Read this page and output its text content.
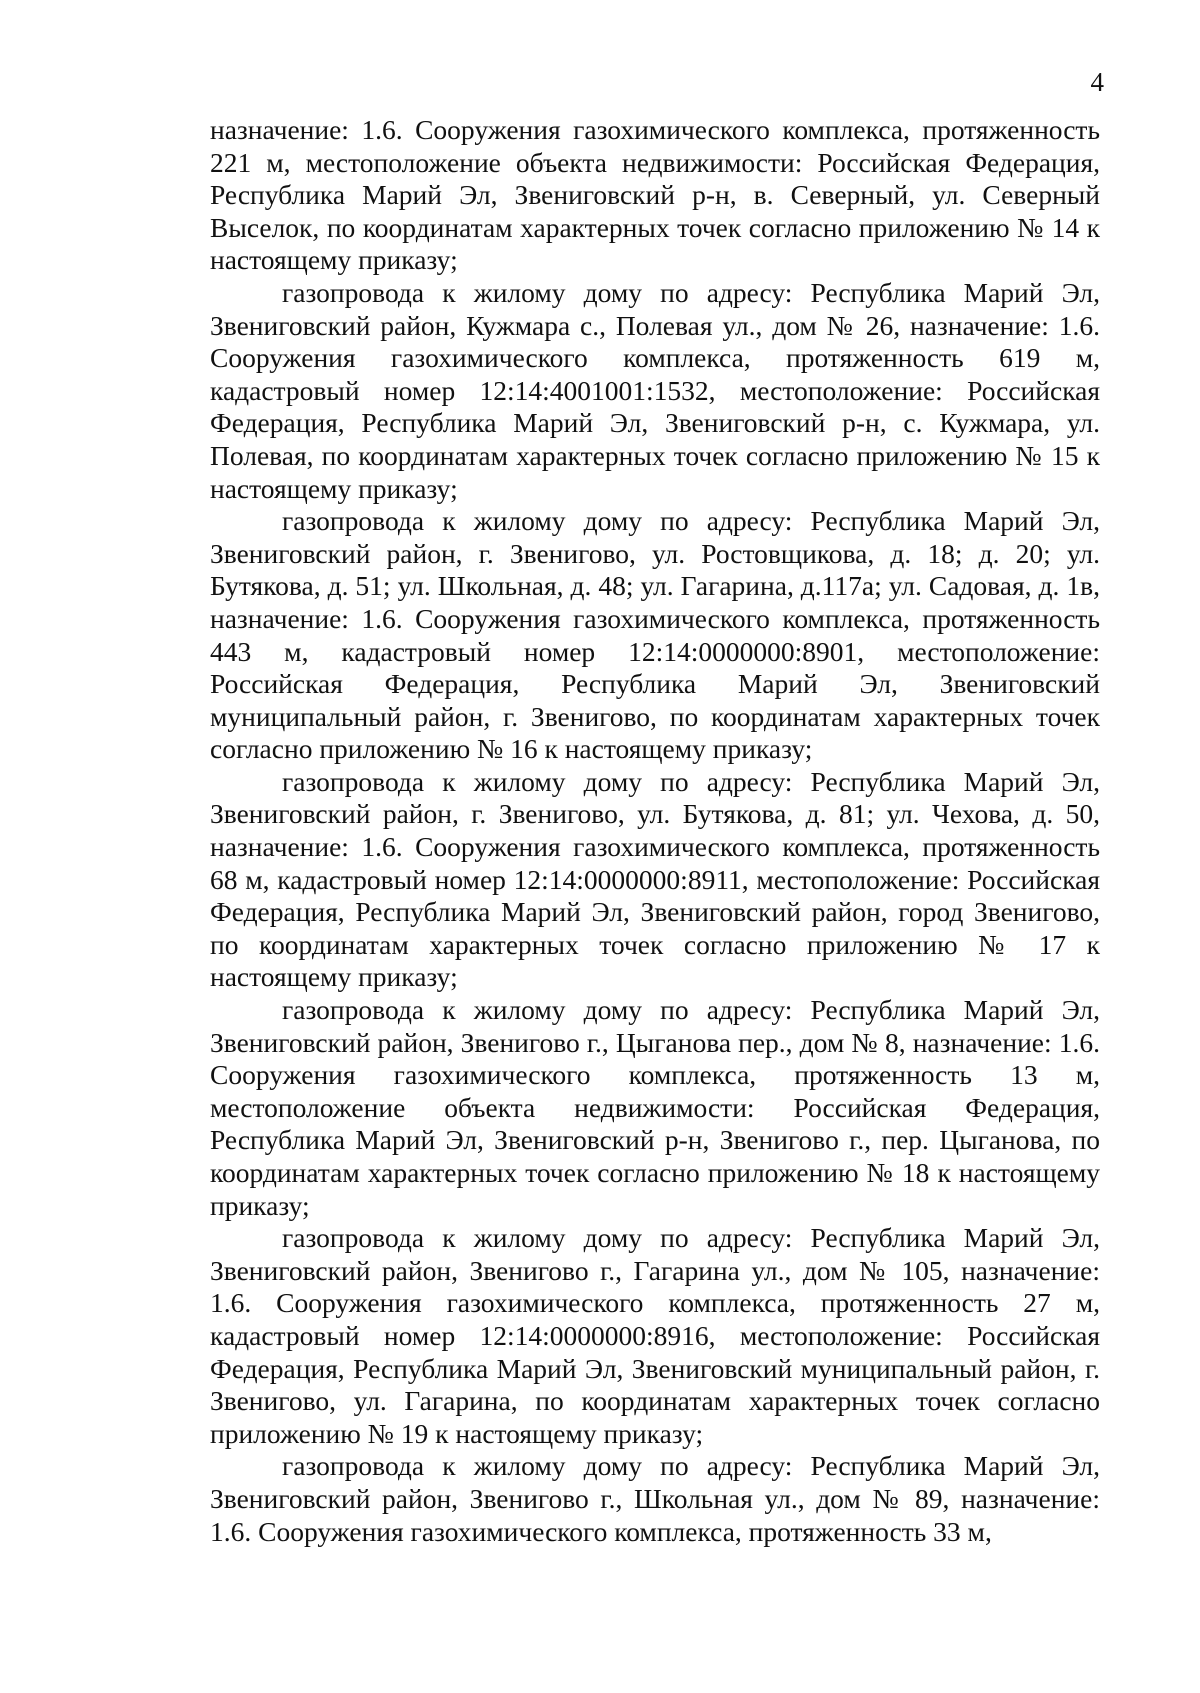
4

назначение: 1.6. Сооружения газохимического комплекса, протяженность 221 м, местоположение объекта недвижимости: Российская Федерация, Республика Марий Эл, Звениговский р-н, в. Северный, ул. Северный Выселок, по координатам характерных точек согласно приложению № 14 к настоящему приказу;

газопровода к жилому дому по адресу: Республика Марий Эл, Звениговский район, Кужмара с., Полевая ул., дом № 26, назначение: 1.6. Сооружения газохимического комплекса, протяженность 619 м, кадастровый номер 12:14:4001001:1532, местоположение: Российская Федерация, Республика Марий Эл, Звениговский р-н, с. Кужмара, ул. Полевая, по координатам характерных точек согласно приложению № 15 к настоящему приказу;

газопровода к жилому дому по адресу: Республика Марий Эл, Звениговский район, г. Звенигово, ул. Ростовщикова, д. 18; д. 20; ул. Бутякова, д. 51; ул. Школьная, д. 48; ул. Гагарина, д.117а; ул. Садовая, д. 1в, назначение: 1.6. Сооружения газохимического комплекса, протяженность 443 м, кадастровый номер 12:14:0000000:8901, местоположение: Российская Федерация, Республика Марий Эл, Звениговский муниципальный район, г. Звенигово, по координатам характерных точек согласно приложению № 16 к настоящему приказу;

газопровода к жилому дому по адресу: Республика Марий Эл, Звениговский район, г. Звенигово, ул. Бутякова, д. 81; ул. Чехова, д. 50, назначение: 1.6. Сооружения газохимического комплекса, протяженность 68 м, кадастровый номер 12:14:0000000:8911, местоположение: Российская Федерация, Республика Марий Эл, Звениговский район, город Звенигово, по координатам характерных точек согласно приложению № 17 к настоящему приказу;

газопровода к жилому дому по адресу: Республика Марий Эл, Звениговский район, Звенигово г., Цыганова пер., дом № 8, назначение: 1.6. Сооружения газохимического комплекса, протяженность 13 м, местоположение объекта недвижимости: Российская Федерация, Республика Марий Эл, Звениговский р-н, Звенигово г., пер. Цыганова, по координатам характерных точек согласно приложению № 18 к настоящему приказу;

газопровода к жилому дому по адресу: Республика Марий Эл, Звениговский район, Звенигово г., Гагарина ул., дом № 105, назначение: 1.6. Сооружения газохимического комплекса, протяженность 27 м, кадастровый номер 12:14:0000000:8916, местоположение: Российская Федерация, Республика Марий Эл, Звениговский муниципальный район, г. Звенигово, ул. Гагарина, по координатам характерных точек согласно приложению № 19 к настоящему приказу;

газопровода к жилому дому по адресу: Республика Марий Эл, Звениговский район, Звенигово г., Школьная ул., дом № 89, назначение: 1.6. Сооружения газохимического комплекса, протяженность 33 м,
